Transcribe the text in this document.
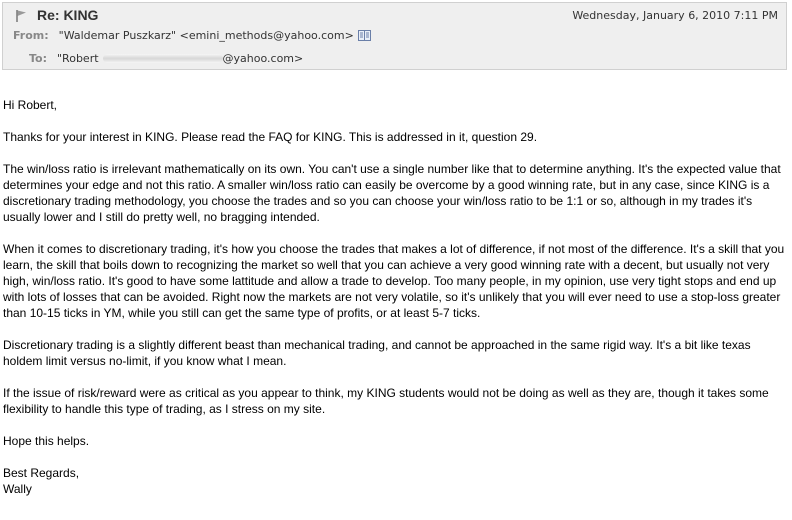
Re: KING	Wednesday, January 6, 2010 7:11 PM
From: "Waldemar Puszkarz" <emini_methods@yahoo.com>
To: "Robert	@yahoo.com>

Hi Robert,

Thanks for your interest in KING. Please read the FAQ for KING. This is addressed in it, question 29.

The win/loss ratio is irrelevant mathematically on its own. You can't use a single number like that to determine anything. It's the expected value that determines your edge and not this ratio. A smaller win/loss ratio can easily be overcome by a good winning rate, but in any case, since KING is a discretionary trading methodology, you choose the trades and so you can choose your win/loss ratio to be 1:1 or so, although in my trades it's usually lower and I still do pretty well, no bragging intended.

When it comes to discretionary trading, it's how you choose the trades that makes a lot of difference, if not most of the difference. It's a skill that you learn, the skill that boils down to recognizing the market so well that you can achieve a very good winning rate with a decent, but usually not very high, win/loss ratio. It's good to have some lattitude and allow a trade to develop. Too many people, in my opinion, use very tight stops and end up with lots of losses that can be avoided. Right now the markets are not very volatile, so it's unlikely that you will ever need to use a stop-loss greater than 10-15 ticks in YM, while you still can get the same type of profits, or at least 5-7 ticks.

Discretionary trading is a slightly different beast than mechanical trading, and cannot be approached in the same rigid way. It's a bit like texas holdem limit versus no-limit, if you know what I mean.

If the issue of risk/reward were as critical as you appear to think, my KING students would not be doing as well as they are, though it takes some flexibility to handle this type of trading, as I stress on my site.

Hope this helps.

Best Regards,

Wally
